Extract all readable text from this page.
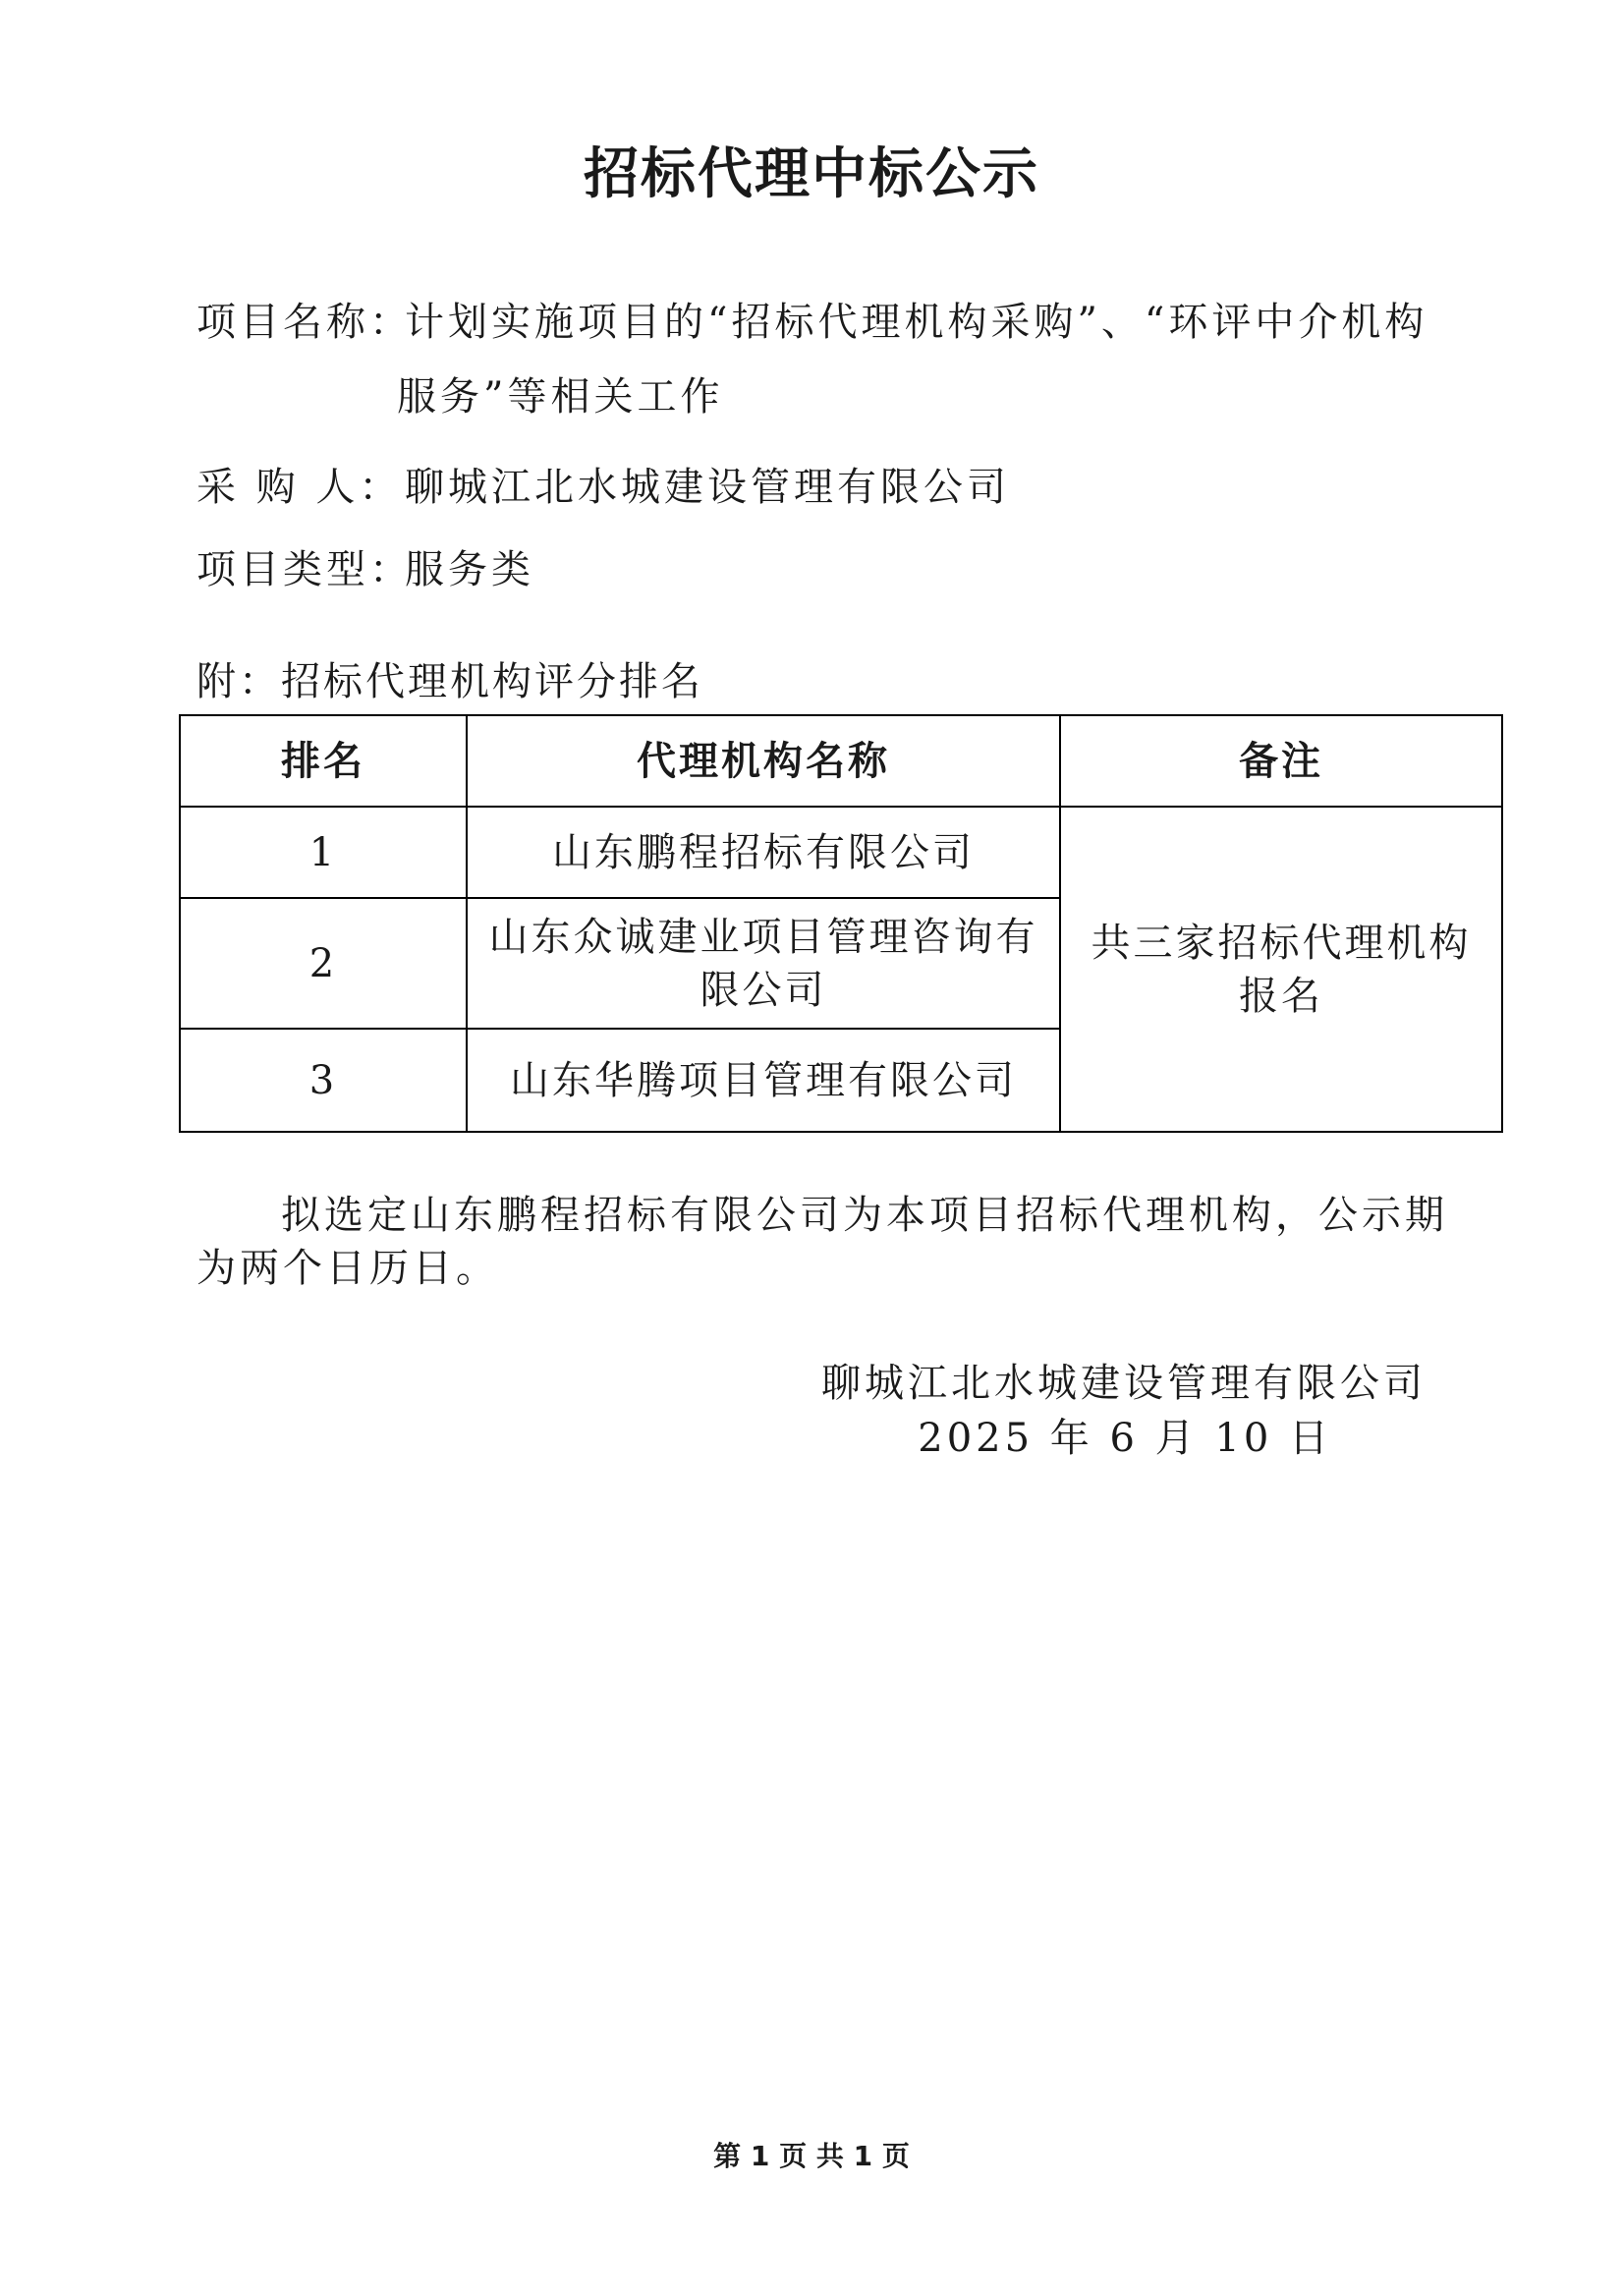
招标代理中标公示
项目名称：计划实施项目的“招标代理机构采购”、“环评中介机构
服务”等相关工作
采 购 人：聊城江北水城建设管理有限公司
项目类型：服务类
附：招标代理机构评分排名
排名	代理机构名称	备注
1	山东鹏程招标有限公司	共三家招标代理机构报名
2	山东众诚建业项目管理咨询有限公司	
3	山东华腾项目管理有限公司	
拟选定山东鹏程招标有限公司为本项目招标代理机构，公示期为两个日历日。
聊城江北水城建设管理有限公司
2025 年 6 月 10 日
第 1 页 共 1 页
